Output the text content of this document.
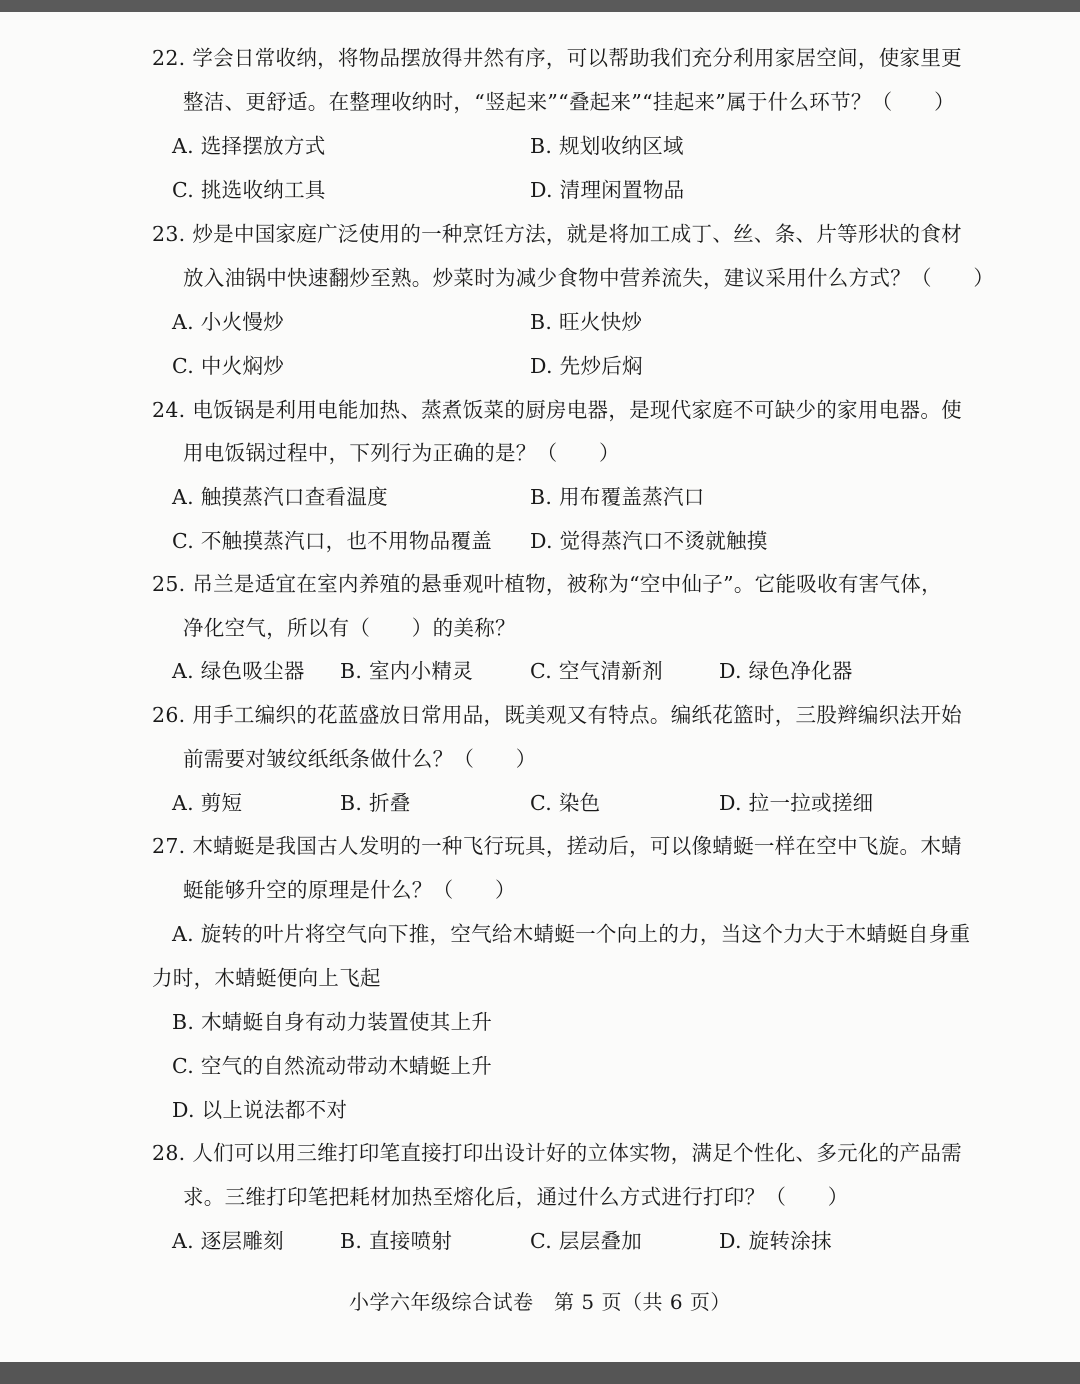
22. 学会日常收纳，将物品摆放得井然有序，可以帮助我们充分利用家居空间，使家里更
整洁、更舒适。在整理收纳时，“竖起来”“叠起来”“挂起来”属于什么环节？（　　）
A. 选择摆放方式	B. 规划收纳区域
C. 挑选收纳工具	D. 清理闲置物品
23. 炒是中国家庭广泛使用的一种烹饪方法，就是将加工成丁、丝、条、片等形状的食材
放入油锅中快速翻炒至熟。炒菜时为减少食物中营养流失，建议采用什么方式？（　　）
A. 小火慢炒	B. 旺火快炒
C. 中火焖炒	D. 先炒后焖
24. 电饭锅是利用电能加热、蒸煮饭菜的厨房电器，是现代家庭不可缺少的家用电器。使
用电饭锅过程中，下列行为正确的是？（　　）
A. 触摸蒸汽口查看温度	B. 用布覆盖蒸汽口
C. 不触摸蒸汽口，也不用物品覆盖 D. 觉得蒸汽口不烫就触摸
25. 吊兰是适宜在室内养殖的悬垂观叶植物，被称为“空中仙子”。它能吸收有害气体，
净化空气，所以有（　　）的美称？
A. 绿色吸尘器 B. 室内小精灵	C. 空气清新剂	D. 绿色净化器
26. 用手工编织的花蓝盛放日常用品，既美观又有特点。编纸花篮时，三股辫编织法开始
前需要对皱纹纸纸条做什么？（　　）
A. 剪短	B. 折叠	C. 染色	D. 拉一拉或搓细
27. 木蜻蜓是我国古人发明的一种飞行玩具，搓动后，可以像蜻蜓一样在空中飞旋。木蜻
蜓能够升空的原理是什么？（　　）
A. 旋转的叶片将空气向下推，空气给木蜻蜓一个向上的力，当这个力大于木蜻蜓自身重
力时，木蜻蜓便向上飞起
B. 木蜻蜓自身有动力装置使其上升
C. 空气的自然流动带动木蜻蜓上升
D. 以上说法都不对
28. 人们可以用三维打印笔直接打印出设计好的立体实物，满足个性化、多元化的产品需
求。三维打印笔把耗材加热至熔化后，通过什么方式进行打印？（　　）
A. 逐层雕刻	B. 直接喷射	C. 层层叠加	D. 旋转涂抹
小学六年级综合试卷　第 5 页（共 6 页）
